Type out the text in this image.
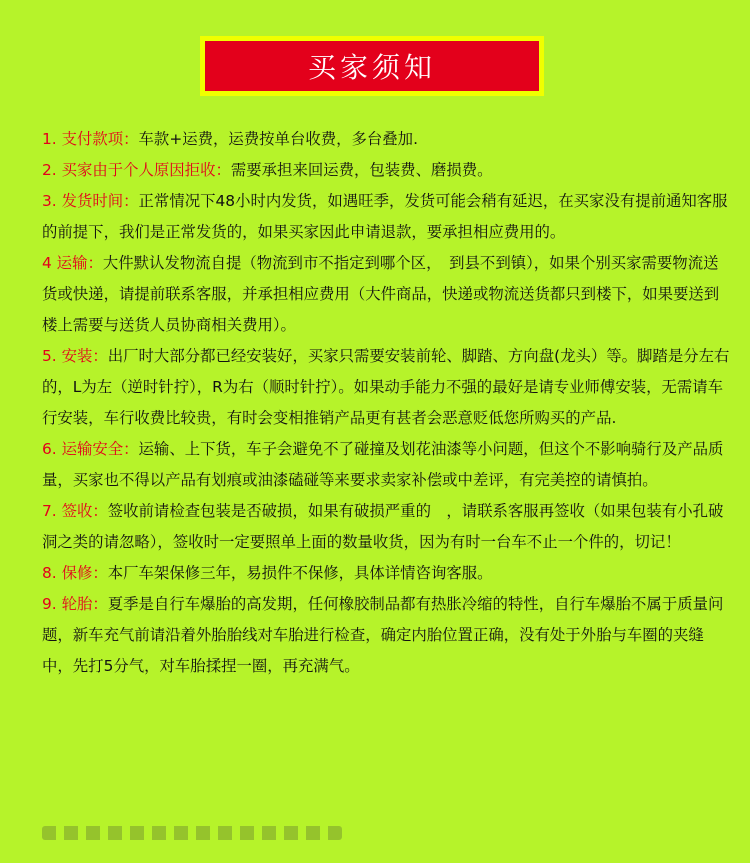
买家须知

1. 支付款项：车款+运费，运费按单台收费，多台叠加.

2. 买家由于个人原因拒收：需要承担来回运费，包装费、磨损费。

3. 发货时间：正常情况下48小时内发货，如遇旺季，发货可能会稍有延迟，在买家没有提前通知客服的前提下，我们是正常发货的，如果买家因此申请退款，要承担相应费用的。

4 运输：大件默认发物流自提（物流到市不指定到哪个区，　到县不到镇），如果个别买家需要物流送货或快递，请提前联系客服，并承担相应费用（大件商品，快递或物流送货都只到楼下，如果要送到楼上需要与送货人员协商相关费用）。

5. 安装：出厂时大部分都已经安装好，买家只需要安装前轮、脚踏、方向盘(龙头）等。脚踏是分左右的，L为左（逆时针拧），R为右（顺时针拧）。如果动手能力不强的最好是请专业师傅安装，无需请车行安装，车行收费比较贵，有时会变相推销产品更有甚者会恶意贬低您所购买的产品.

6. 运输安全：运输、上下货，车子会避免不了碰撞及划花油漆等小问题，但这个不影响骑行及产品质量，买家也不得以产品有划痕或油漆磕碰等来要求卖家补偿或中差评，有完美控的请慎拍。

7. 签收：签收前请检查包装是否破损，如果有破损严重的　，请联系客服再签收（如果包装有小孔破洞之类的请忽略），签收时一定要照单上面的数量收货，因为有时一台车不止一个件的，切记！

8. 保修：本厂车架保修三年，易损件不保修，具体详情咨询客服。

9. 轮胎：夏季是自行车爆胎的高发期，任何橡胶制品都有热胀冷缩的特性，自行车爆胎不属于质量问题，新车充气前请沿着外胎胎线对车胎进行检查，确定内胎位置正确，没有处于外胎与车圈的夹缝中，先打5分气，对车胎揉捏一圈，再充满气。
